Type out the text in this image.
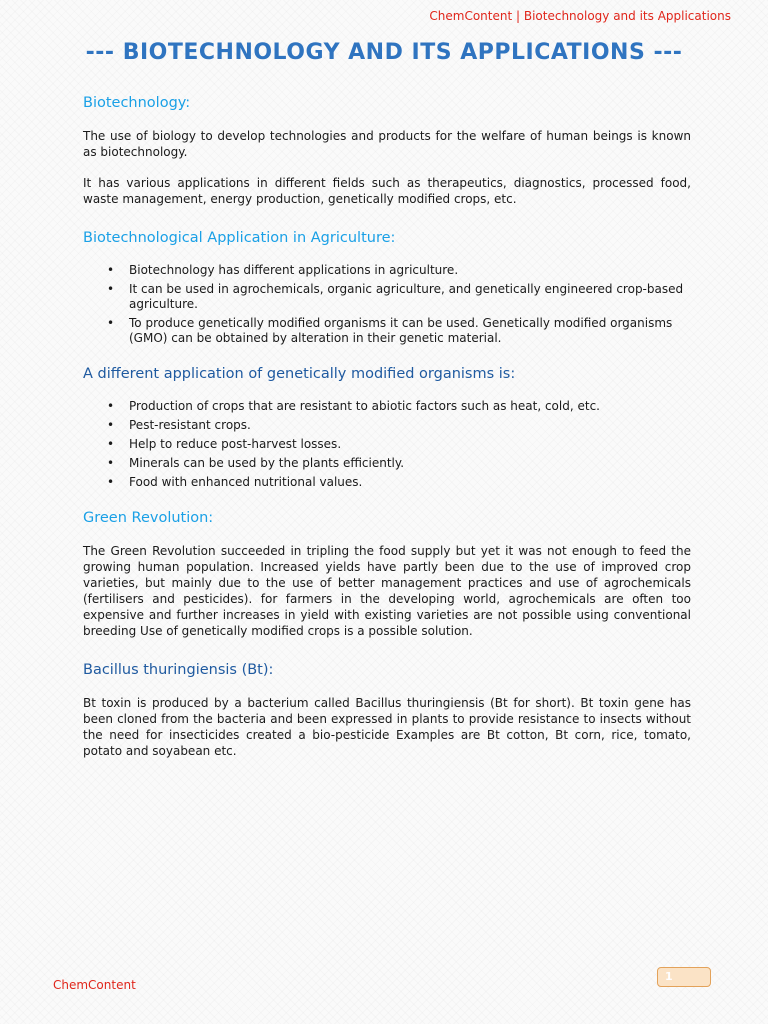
ChemContent | Biotechnology and its Applications
--- BIOTECHNOLOGY AND ITS APPLICATIONS ---
Biotechnology:

The use of biology to develop technologies and products for the welfare of human beings is known as biotechnology.

It has various applications in different fields such as therapeutics, diagnostics, processed food, waste management, energy production, genetically modified crops, etc.

Biotechnological Application in Agriculture:
• Biotechnology has different applications in agriculture.
• It can be used in agrochemicals, organic agriculture, and genetically engineered crop-based agriculture.
• To produce genetically modified organisms it can be used. Genetically modified organisms (GMO) can be obtained by alteration in their genetic material.
A different application of genetically modified organisms is:
• Production of crops that are resistant to abiotic factors such as heat, cold, etc.
• Pest-resistant crops.
• Help to reduce post-harvest losses.
• Minerals can be used by the plants efficiently.
• Food with enhanced nutritional values.
Green Revolution:

The Green Revolution succeeded in tripling the food supply but yet it was not enough to feed the growing human population. Increased yields have partly been due to the use of improved crop varieties, but mainly due to the use of better management practices and use of agrochemicals (fertilisers and pesticides). for farmers in the developing world, agrochemicals are often too expensive and further increases in yield with existing varieties are not possible using conventional breeding Use of genetically modified crops is a possible solution.

Bacillus thuringiensis (Bt):

Bt toxin is produced by a bacterium called Bacillus thuringiensis (Bt for short). Bt toxin gene has been cloned from the bacteria and been expressed in plants to provide resistance to insects without the need for insecticides created a bio-pesticide Examples are Bt cotton, Bt corn, rice, tomato, potato and soyabean etc.

ChemContent
1
